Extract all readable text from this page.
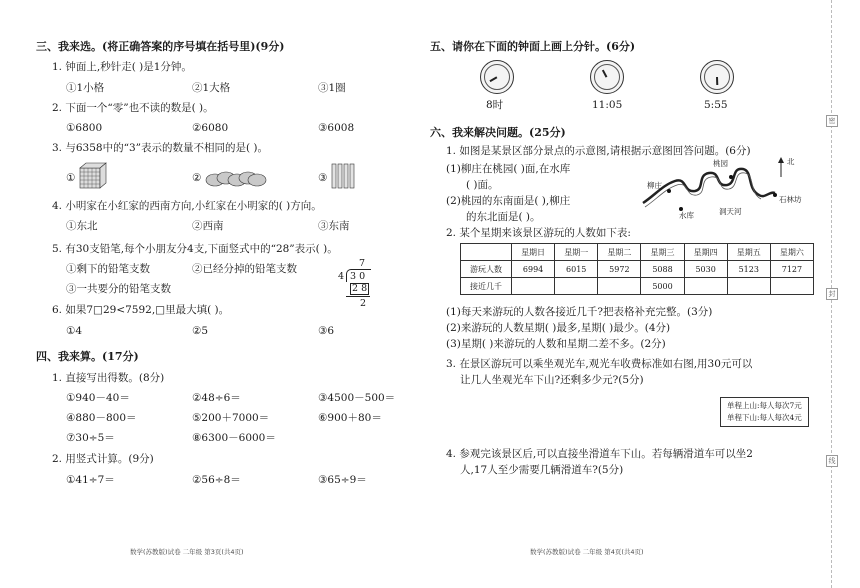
三、我来选。(将正确答案的序号填在括号里)(9分)
1. 钟面上,秒针走( )是1分钟。
①1小格	②1大格	③1圈
2. 下面一个“零”也不读的数是( )。
①6800	②6080	③6008
3. 与6358中的“3”表示的数量不相同的是( )。
①	②	③
4. 小明家在小红家的西南方向,小红家在小明家的( )方向。
①东北	②西南	③东南
5. 有30支铅笔,每个小朋友分4支,下面竖式中的“28”表示( )。
①剩下的铅笔支数	②已经分掉的铅笔支数
③一共要分的铅笔支数
7
4 3 0
2 8
2
6. 如果7□29<7592,□里最大填( )。
①4	②5	③6
四、我来算。(17分)
1. 直接写出得数。(8分)
①940－40＝	②48÷6＝	③4500－500＝
④880－800＝	⑤200＋7000＝	⑥900＋80＝
⑦30÷5＝	⑧6300－6000＝
2. 用竖式计算。(9分)
①41÷7＝	②56÷8＝	③65÷9＝
数学(苏教版)试卷 二年级 第3页(共4页)
五、请你在下面的钟面上画上分针。(6分)
8时	11:05	5:55
六、我来解决问题。(25分)
1. 如图是某景区部分景点的示意图,请根据示意图回答问题。(6分)
(1)柳庄在桃园( )面,在水库
( )面。
(2)桃园的东南面是( ),柳庄
的东北面是( )。
桃园	北
柳庄
水库	洞天河
石林坊
2. 某个星期来该景区游玩的人数如下表:
	星期日	星期一	星期二	星期三	星期四	星期五	星期六
游玩人数	6994	6015	5972	5088	5030	5123	7127
接近几千				5000			
(1)每天来游玩的人数各接近几千?把表格补充完整。(3分)
(2)来游玩的人数星期( )最多,星期( )最少。(4分)
(3)星期( )来游玩的人数和星期二差不多。(2分)
3. 在景区游玩可以乘坐观光车,观光车收费标准如右图,用30元可以
让几人坐观光车下山?还剩多少元?(5分)
单程上山:每人每次7元
单程下山:每人每次4元
4. 参观完该景区后,可以直接坐滑道车下山。若每辆滑道车可以坐2
人,17人至少需要几辆滑道车?(5分)
数学(苏教版)试卷 二年级 第4页(共4页)
密
封
线
